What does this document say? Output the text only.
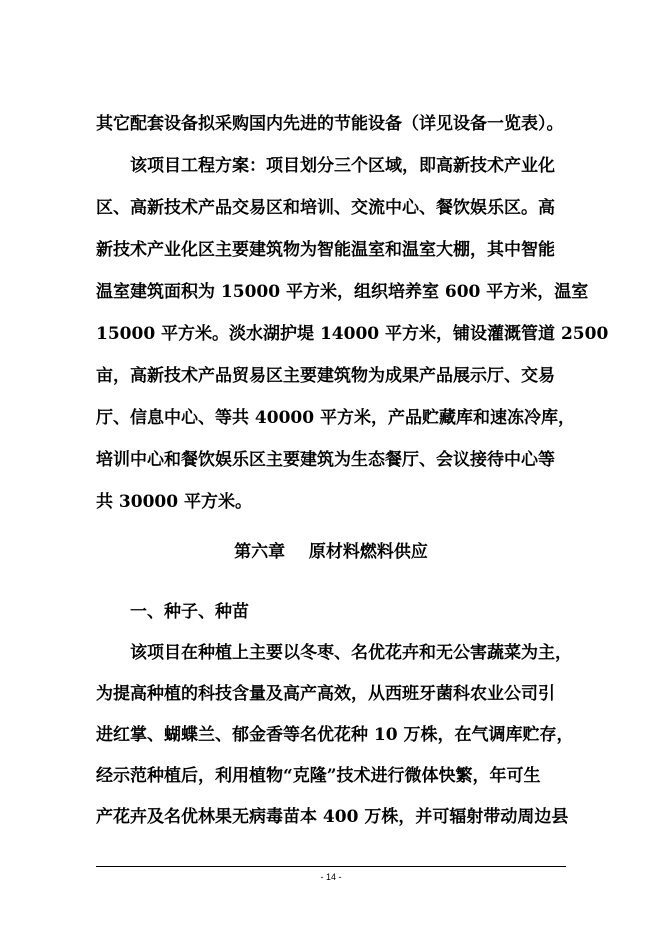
其它配套设备拟采购国内先进的节能设备（详见设备一览表）。
该项目工程方案：项目划分三个区域，即高新技术产业化
区、高新技术产品交易区和培训、交流中心、餐饮娱乐区。高
新技术产业化区主要建筑物为智能温室和温室大棚，其中智能
温室建筑面积为 15000 平方米，组织培养室 600 平方米，温室
15000 平方米。淡水湖护堤 14000 平方米，铺设灌溉管道 2500
亩，高新技术产品贸易区主要建筑物为成果产品展示厅、交易
厅、信息中心、等共 40000 平方米，产品贮藏库和速冻冷库，
培训中心和餐饮娱乐区主要建筑为生态餐厅、会议接待中心等
共 30000 平方米。
第六章    原材料燃料供应
一、种子、种苗
该项目在种植上主要以冬枣、名优花卉和无公害蔬菜为主，
为提高种植的科技含量及高产高效，从西班牙菌科农业公司引
进红掌、蝴蝶兰、郁金香等名优花种 10 万株，在气调库贮存，
经示范种植后，利用植物“克隆”技术进行微体快繁，年可生
产花卉及名优林果无病毒苗本 400 万株，并可辐射带动周边县
- 14 -
